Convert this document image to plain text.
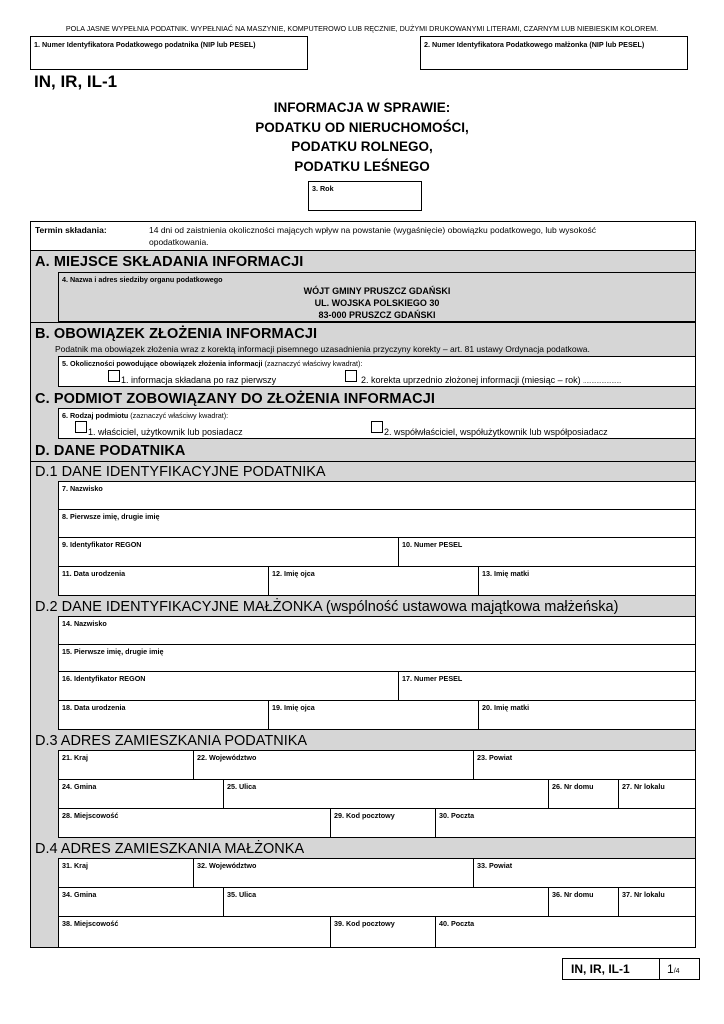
POLA JASNE WYPEŁNIA PODATNIK. WYPEŁNIAĆ NA MASZYNIE, KOMPUTEROWO LUB RĘCZNIE, DUŻYMI DRUKOWANYMI LITERAMI, CZARNYM LUB NIEBIESKIM KOLOREM.
1. Numer Identyfikatora Podatkowego podatnika (NIP lub PESEL)	2. Numer Identyfikatora Podatkowego małżonka (NIP lub PESEL)
IN, IR, IL-1
INFORMACJA W SPRAWIE:
PODATKU OD NIERUCHOMOŚCI,
PODATKU ROLNEGO,
PODATKU LEŚNEGO
3. Rok
Termin składania:	14 dni od zaistnienia okoliczności mających wpływ na powstanie (wygaśnięcie) obowiązku podatkowego, lub wysokość
opodatkowania.
A. MIEJSCE SKŁADANIA INFORMACJI
4. Nazwa i adres siedziby organu podatkowego
WÓJT GMINY PRUSZCZ GDAŃSKI
UL. WOJSKA POLSKIEGO 30
83-000 PRUSZCZ GDAŃSKI
B. OBOWIĄZEK ZŁOŻENIA INFORMACJI
Podatnik ma obowiązek złożenia wraz z korektą informacji pisemnego uzasadnienia przyczyny korekty – art. 81 ustawy Ordynacja podatkowa.
5. Okoliczności powodujące obowiązek złożenia informacji (zaznaczyć właściwy kwadrat):
1. informacja składana po raz pierwszy	2. korekta uprzednio złożonej informacji (miesiąc – rok) .......................
C. PODMIOT ZOBOWIĄZANY DO ZŁOŻENIA INFORMACJI
6. Rodzaj podmiotu (zaznaczyć właściwy kwadrat):
1. właściciel, użytkownik lub posiadacz	2. współwłaściciel, współużytkownik lub współposiadacz
D. DANE PODATNIKA
D.1 DANE IDENTYFIKACYJNE PODATNIKA
7. Nazwisko
8. Pierwsze imię, drugie imię
9. Identyfikator REGON	10. Numer PESEL
11. Data urodzenia	12. Imię ojca	13. Imię matki
D.2 DANE IDENTYFIKACYJNE MAŁŻONKA (wspólność ustawowa majątkowa małżeńska)
14. Nazwisko
15. Pierwsze imię, drugie imię
16. Identyfikator REGON	17. Numer PESEL
18. Data urodzenia	19. Imię ojca	20. Imię matki
D.3 ADRES ZAMIESZKANIA PODATNIKA
21. Kraj	22. Województwo	23. Powiat
24. Gmina	25. Ulica	26. Nr domu	27. Nr lokalu
28. Miejscowość	29. Kod pocztowy	30. Poczta
D.4 ADRES ZAMIESZKANIA MAŁŻONKA
31. Kraj	32. Województwo	33. Powiat
34. Gmina	35. Ulica	36. Nr domu	37. Nr lokalu
38. Miejscowość	39. Kod pocztowy	40. Poczta
IN, IR, IL-1	1/4
